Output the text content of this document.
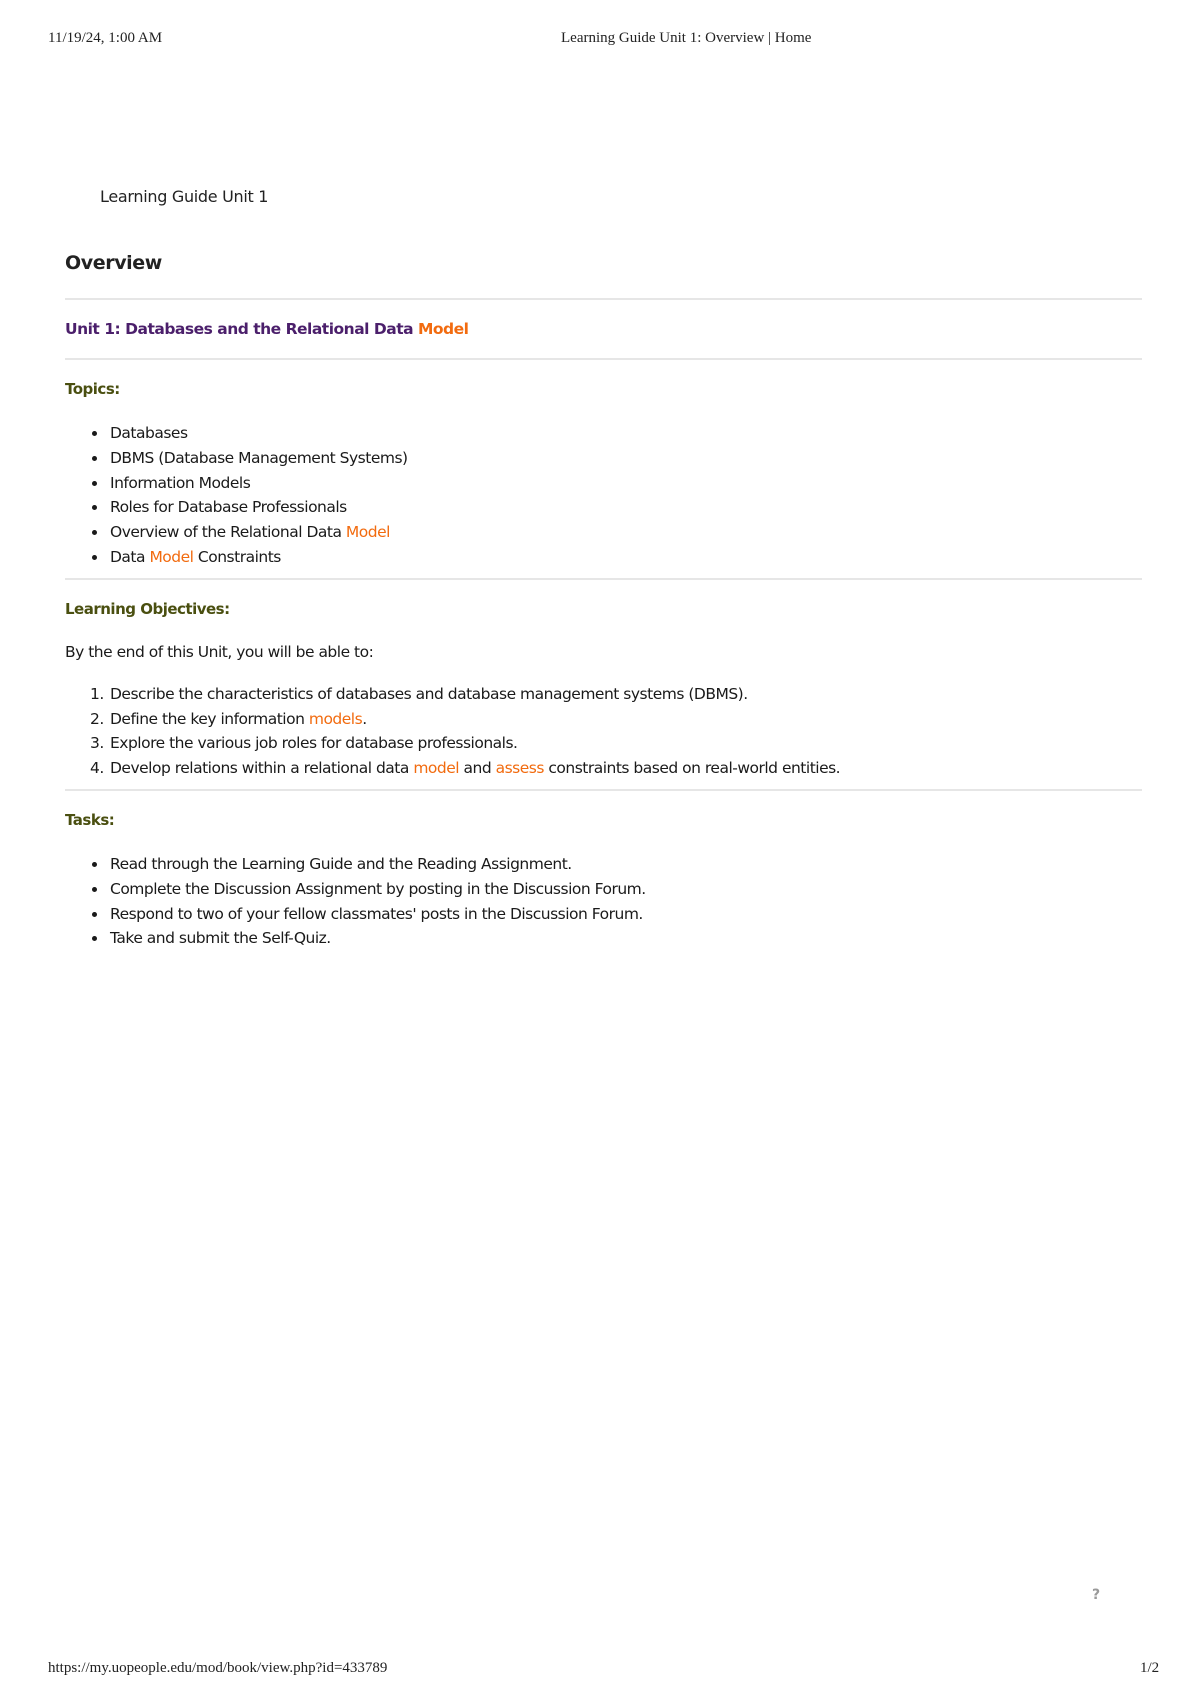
11/19/24, 1:00 AM	Learning Guide Unit 1: Overview | Home
Learning Guide Unit 1
Overview
Unit 1: Databases and the Relational Data Model
Topics:
Databases
DBMS (Database Management Systems)
Information Models
Roles for Database Professionals
Overview of the Relational Data Model
Data Model Constraints
Learning Objectives:

By the end of this Unit, you will be able to:

1. Describe the characteristics of databases and database management systems (DBMS).
2. Define the key information models.
3. Explore the various job roles for database professionals.
4. Develop relations within a relational data model and assess constraints based on real-world entities.
Tasks:
Read through the Learning Guide and the Reading Assignment.
Complete the Discussion Assignment by posting in the Discussion Forum.
Respond to two of your fellow classmates' posts in the Discussion Forum.
Take and submit the Self-Quiz.
?
https://my.uopeople.edu/mod/book/view.php?id=433789	1/2
